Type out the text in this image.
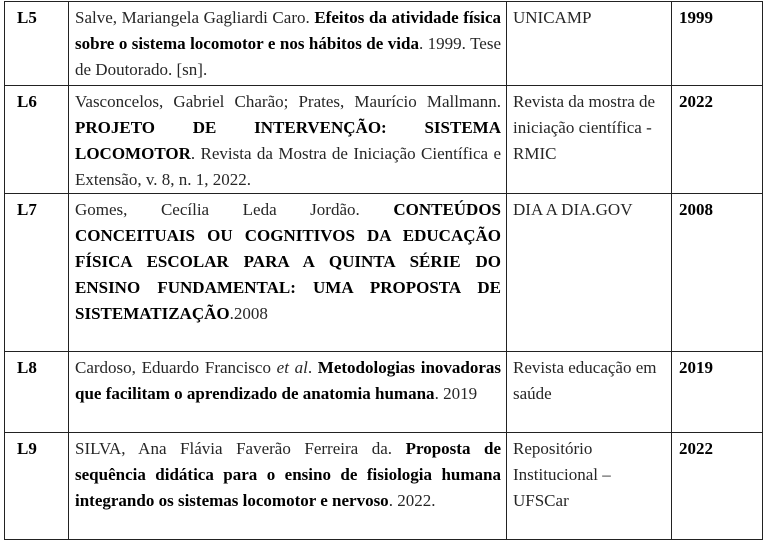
L5	Salve, Mariangela Gagliardi Caro. Efeitos da atividade física sobre o sistema locomotor e nos hábitos de vida. 1999. Tese de Doutorado. [sn].	UNICAMP	1999
L6	Vasconcelos, Gabriel Charão; Prates, Maurício Mallmann. PROJETO DE INTERVENÇÃO: SISTEMA LOCOMOTOR. Revista da Mostra de Iniciação Científica e Extensão, v. 8, n. 1, 2022.	Revista da mostra de iniciação científica - RMIC	2022
L7	Gomes, Cecília Leda Jordão. CONTEÚDOS CONCEITUAIS OU COGNITIVOS DA EDUCAÇÃO FÍSICA ESCOLAR PARA A QUINTA SÉRIE DO ENSINO FUNDAMENTAL: UMA PROPOSTA DE SISTEMATIZAÇÃO.2008	DIA A DIA.GOV	2008
L8	Cardoso, Eduardo Francisco et al. Metodologias inovadoras que facilitam o aprendizado de anatomia humana. 2019	Revista educação em saúde	2019
L9	SILVA, Ana Flávia Faverão Ferreira da. Proposta de sequência didática para o ensino de fisiologia humana integrando os sistemas locomotor e nervoso. 2022.	Repositório Institucional – UFSCar	2022
